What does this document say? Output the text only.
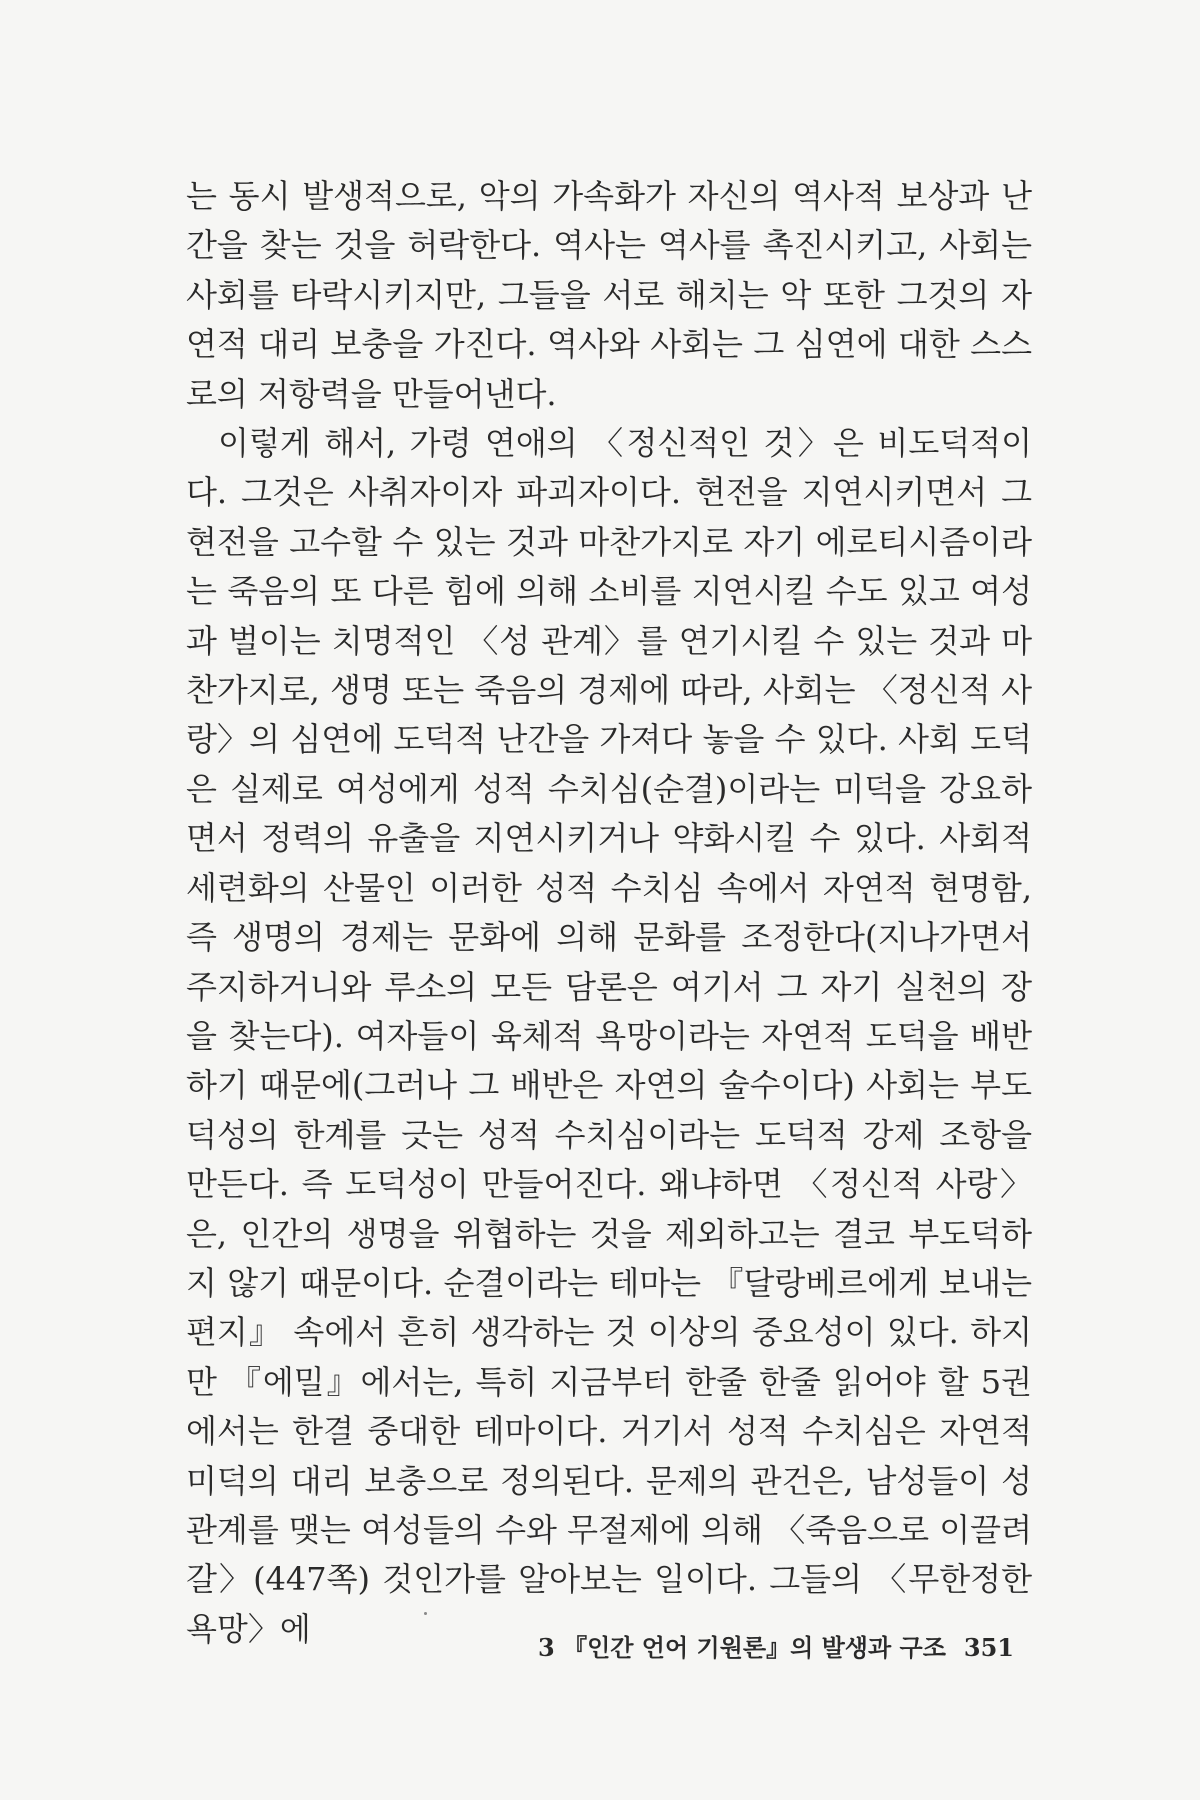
는 동시 발생적으로, 악의 가속화가 자신의 역사적 보상과 난간을 찾는 것을 허락한다. 역사는 역사를 촉진시키고, 사회는 사회를 타락시키지만, 그들을 서로 해치는 악 또한 그것의 자연적 대리 보충을 가진다. 역사와 사회는 그 심연에 대한 스스로의 저항력을 만들어낸다.

이렇게 해서, 가령 연애의 〈정신적인 것〉은 비도덕적이다. 그것은 사취자이자 파괴자이다. 현전을 지연시키면서 그 현전을 고수할 수 있는 것과 마찬가지로 자기 에로티시즘이라는 죽음의 또 다른 힘에 의해 소비를 지연시킬 수도 있고 여성과 벌이는 치명적인 〈성 관계〉를 연기시킬 수 있는 것과 마찬가지로, 생명 또는 죽음의 경제에 따라, 사회는 〈정신적 사랑〉의 심연에 도덕적 난간을 가져다 놓을 수 있다. 사회 도덕은 실제로 여성에게 성적 수치심(순결)이라는 미덕을 강요하면서 정력의 유출을 지연시키거나 약화시킬 수 있다. 사회적 세련화의 산물인 이러한 성적 수치심 속에서 자연적 현명함, 즉 생명의 경제는 문화에 의해 문화를 조정한다(지나가면서 주지하거니와 루소의 모든 담론은 여기서 그 자기 실천의 장을 찾는다). 여자들이 육체적 욕망이라는 자연적 도덕을 배반하기 때문에(그러나 그 배반은 자연의 술수이다) 사회는 부도덕성의 한계를 긋는 성적 수치심이라는 도덕적 강제 조항을 만든다. 즉 도덕성이 만들어진다. 왜냐하면 〈정신적 사랑〉은, 인간의 생명을 위협하는 것을 제외하고는 결코 부도덕하지 않기 때문이다. 순결이라는 테마는 『달랑베르에게 보내는 편지』 속에서 흔히 생각하는 것 이상의 중요성이 있다. 하지만 『에밀』에서는, 특히 지금부터 한줄 한줄 읽어야 할 5권에서는 한결 중대한 테마이다. 거기서 성적 수치심은 자연적 미덕의 대리 보충으로 정의된다. 문제의 관건은, 남성들이 성 관계를 맺는 여성들의 수와 무절제에 의해 〈죽음으로 이끌려 갈〉(447쪽) 것인가를 알아보는 일이다. 그들의 〈무한정한 욕망〉에	3 『인간 언어 기원론』의 발생과 구조 351
